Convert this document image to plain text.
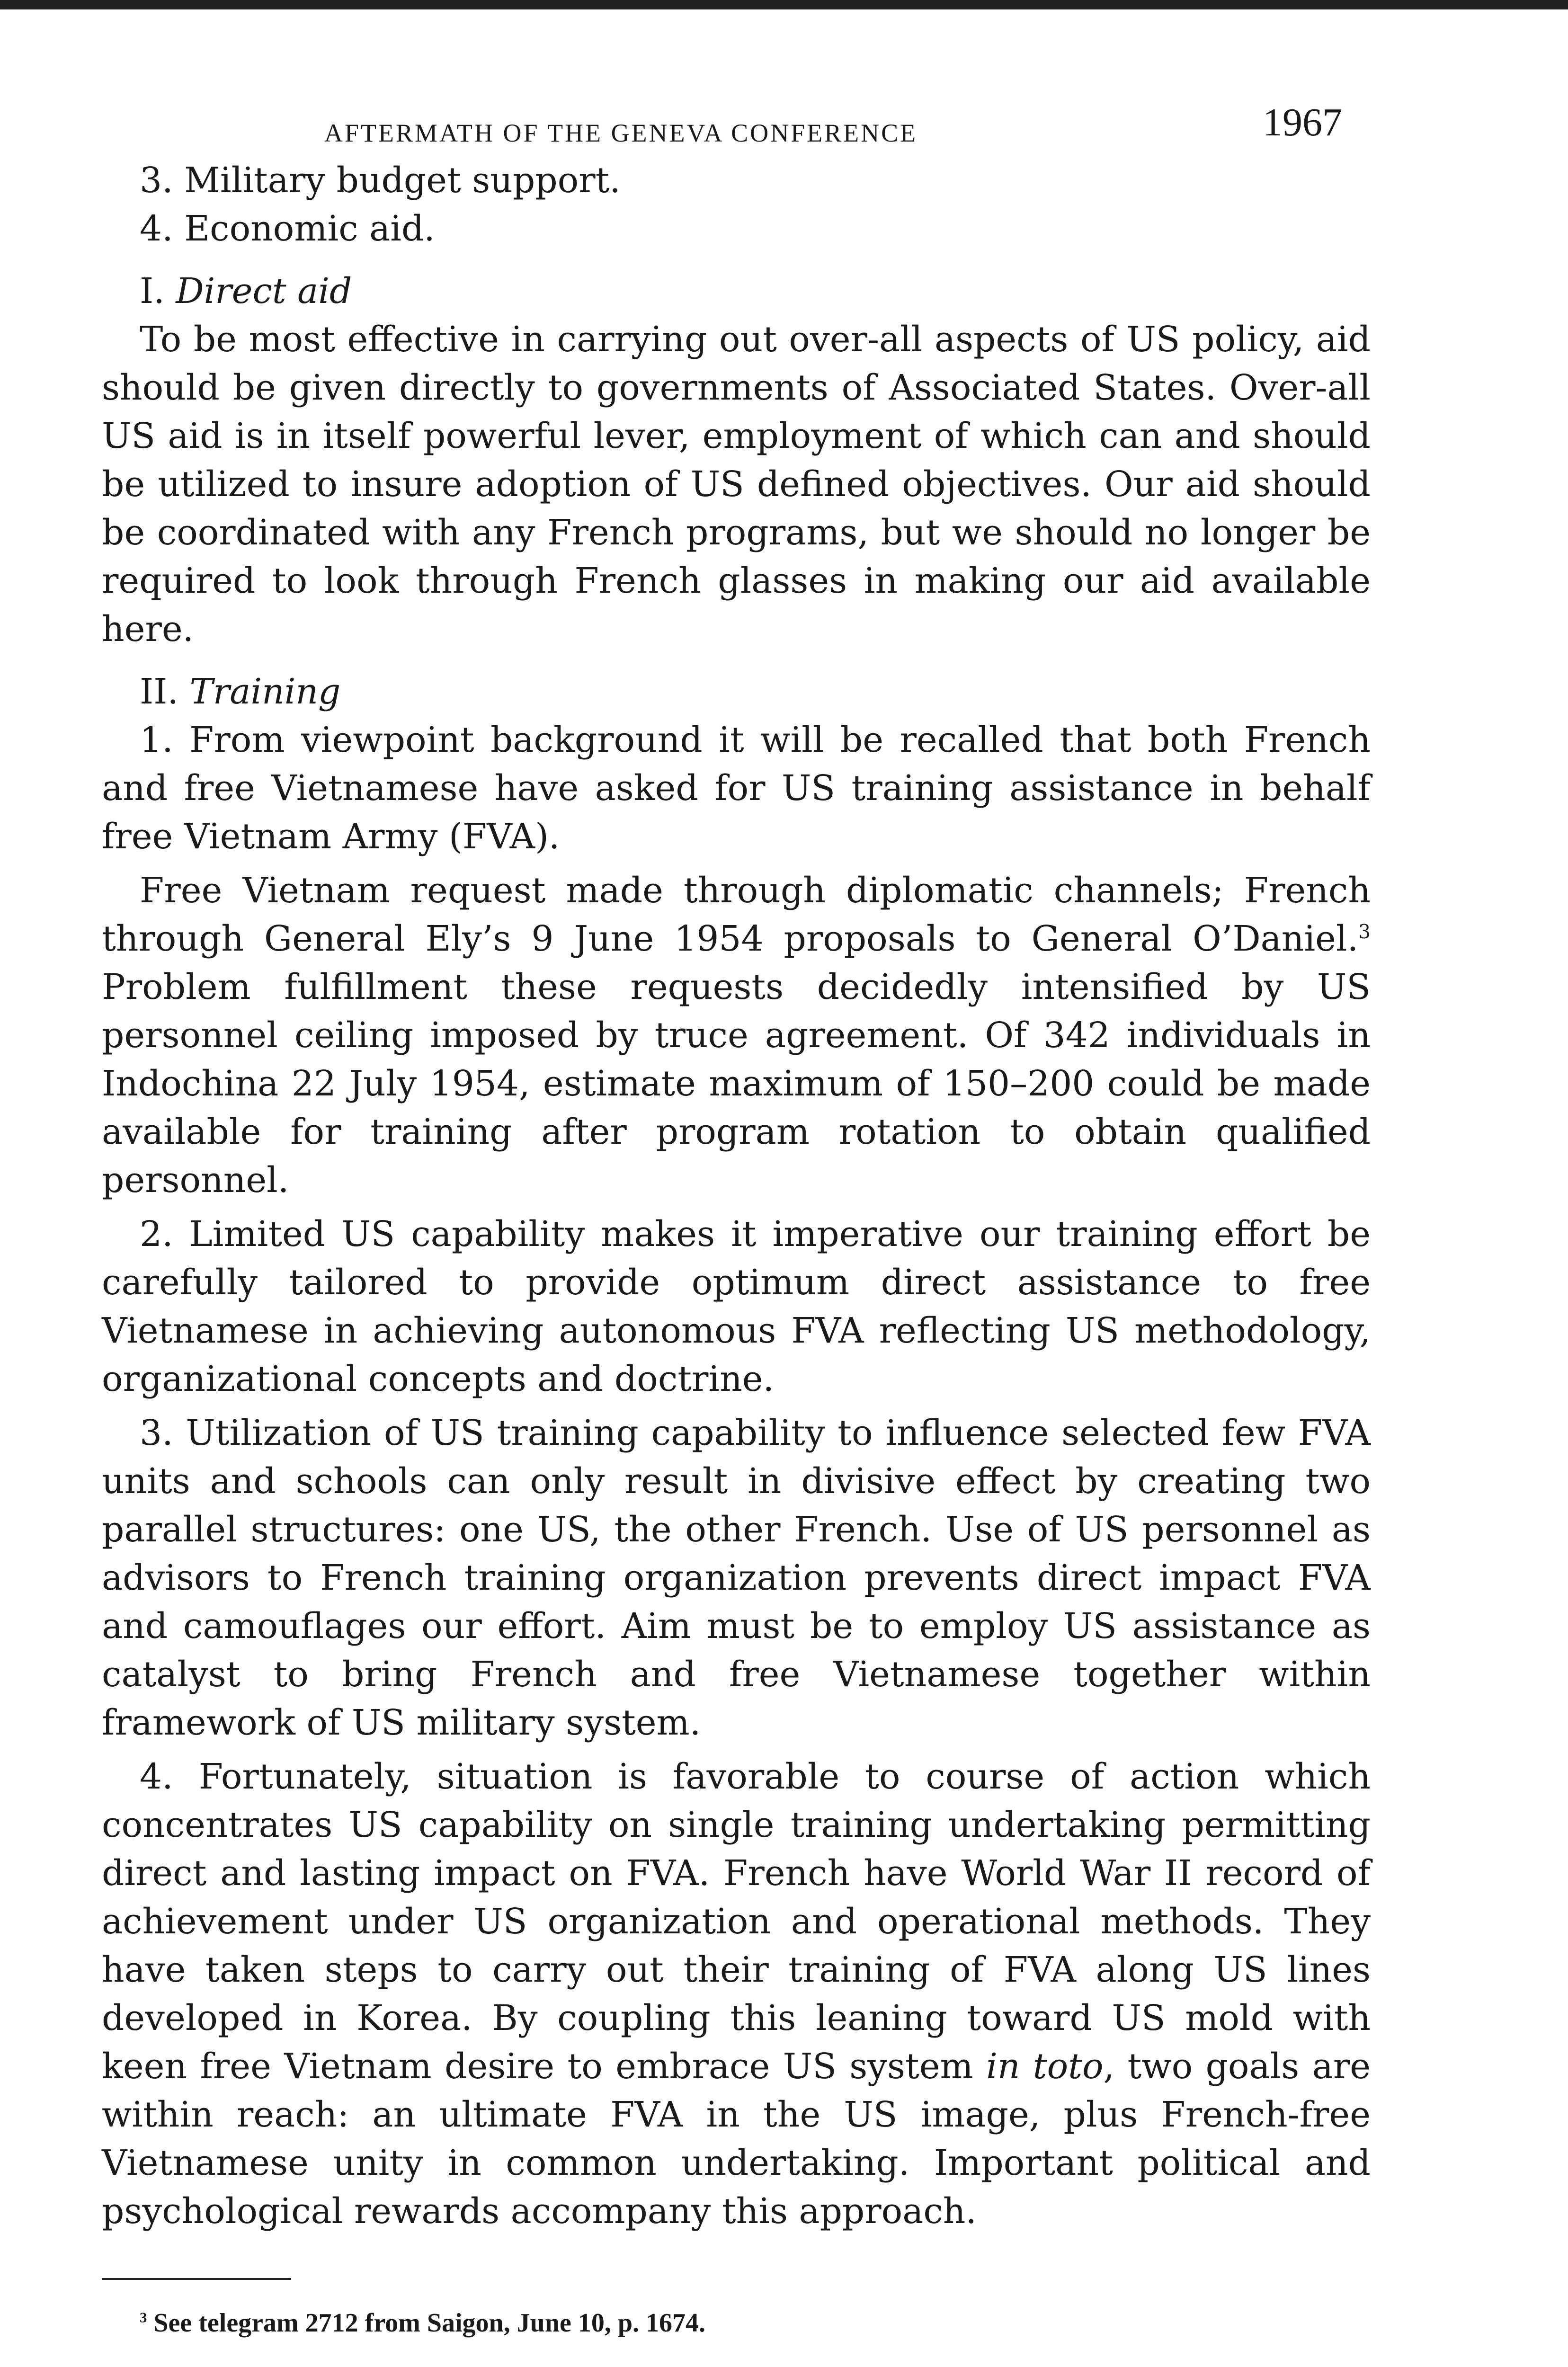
AFTERMATH OF THE GENEVA CONFERENCE	1967
3. Military budget support.
4. Economic aid.
I. Direct aid

To be most effective in carrying out over-all aspects of US policy, aid should be given directly to governments of Associated States. Over-all US aid is in itself powerful lever, employment of which can and should be utilized to insure adoption of US defined objectives. Our aid should be coordinated with any French programs, but we should no longer be required to look through French glasses in making our aid available here.

II. Training

1. From viewpoint background it will be recalled that both French and free Vietnamese have asked for US training assistance in behalf free Vietnam Army (FVA).

Free Vietnam request made through diplomatic channels; French through General Ely’s 9 June 1954 proposals to General O’Daniel.$^3$ Problem fulfillment these requests decidedly intensified by US personnel ceiling imposed by truce agreement. Of 342 individuals in Indochina 22 July 1954, estimate maximum of 150–200 could be made available for training after program rotation to obtain qualified personnel.

2. Limited US capability makes it imperative our training effort be carefully tailored to provide optimum direct assistance to free Vietnamese in achieving autonomous FVA reflecting US methodology, organizational concepts and doctrine.

3. Utilization of US training capability to influence selected few FVA units and schools can only result in divisive effect by creating two parallel structures: one US, the other French. Use of US personnel as advisors to French training organization prevents direct impact FVA and camouflages our effort. Aim must be to employ US assistance as catalyst to bring French and free Vietnamese together within framework of US military system.

4. Fortunately, situation is favorable to course of action which concentrates US capability on single training undertaking permitting direct and lasting impact on FVA. French have World War II record of achievement under US organization and operational methods. They have taken steps to carry out their training of FVA along US lines developed in Korea. By coupling this leaning toward US mold with keen free Vietnam desire to embrace US system in toto, two goals are within reach: an ultimate FVA in the US image, plus French-free Vietnamese unity in common undertaking. Important political and psychological rewards accompany this approach.

$^3$ See telegram 2712 from Saigon, June 10, p. 1674.
